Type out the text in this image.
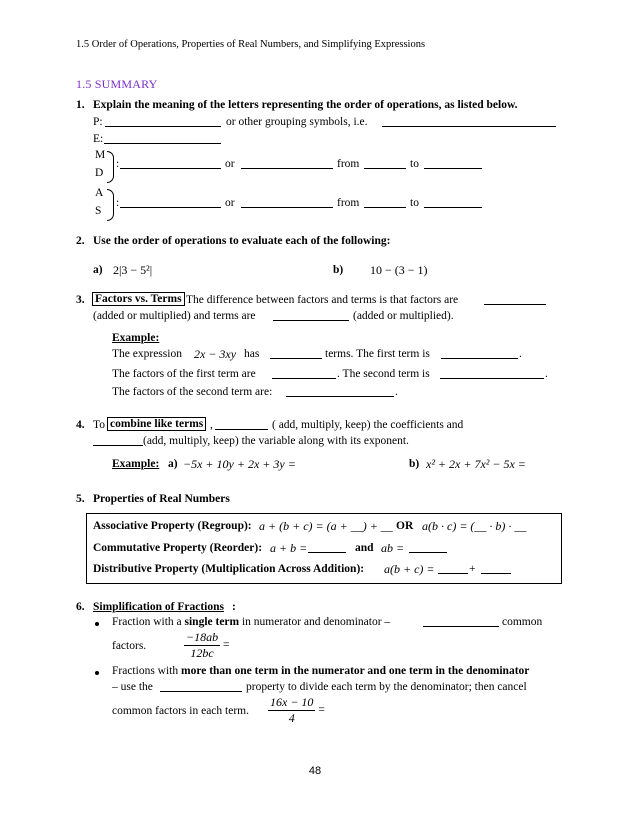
1.5 Order of Operations, Properties of Real Numbers, and Simplifying Expressions
1.5 SUMMARY
1. Explain the meaning of the letters representing the order of operations, as listed below.
P:	or other grouping symbols, i.e.
E:
M
D
:	or	from	to
A
S
:	or	from	to
2. Use the order of operations to evaluate each of the following:
a) 2|3 − 5²|	b) 10 − (3 − 1)
3. Factors vs. Terms The difference between factors and terms is that factors are
(added or multiplied) and terms are	(added or multiplied).
Example:
The expression 2x − 3xy has	terms. The first term is	.
The factors of the first term are	. The second term is	.
The factors of the second term are:	.
4. To combine like terms ,	( add, multiply, keep) the coefficients and
(add, multiply, keep) the variable along with its exponent.
Example: a) −5x + 10y + 2x + 3y =	b) x² + 2x + 7x² − 5x =
5. Properties of Real Numbers
Associative Property (Regroup): a + (b + c) = (a + __) + __ OR a(b · c) = (__ · b) · __
Commutative Property (Reorder): a + b =	and ab =
Distributive Property (Multiplication Across Addition): a(b + c) =	+
6. Simplification of Fractions :
Fraction with a single term in numerator and denominator –	common
factors.	$\frac{-18ab}{12bc}$ =
Fractions with more than one term in the numerator and one term in the denominator
– use the	property to divide each term by the denominator; then cancel
common factors in each term. $\frac{16x - 10}{4}$ =
48
